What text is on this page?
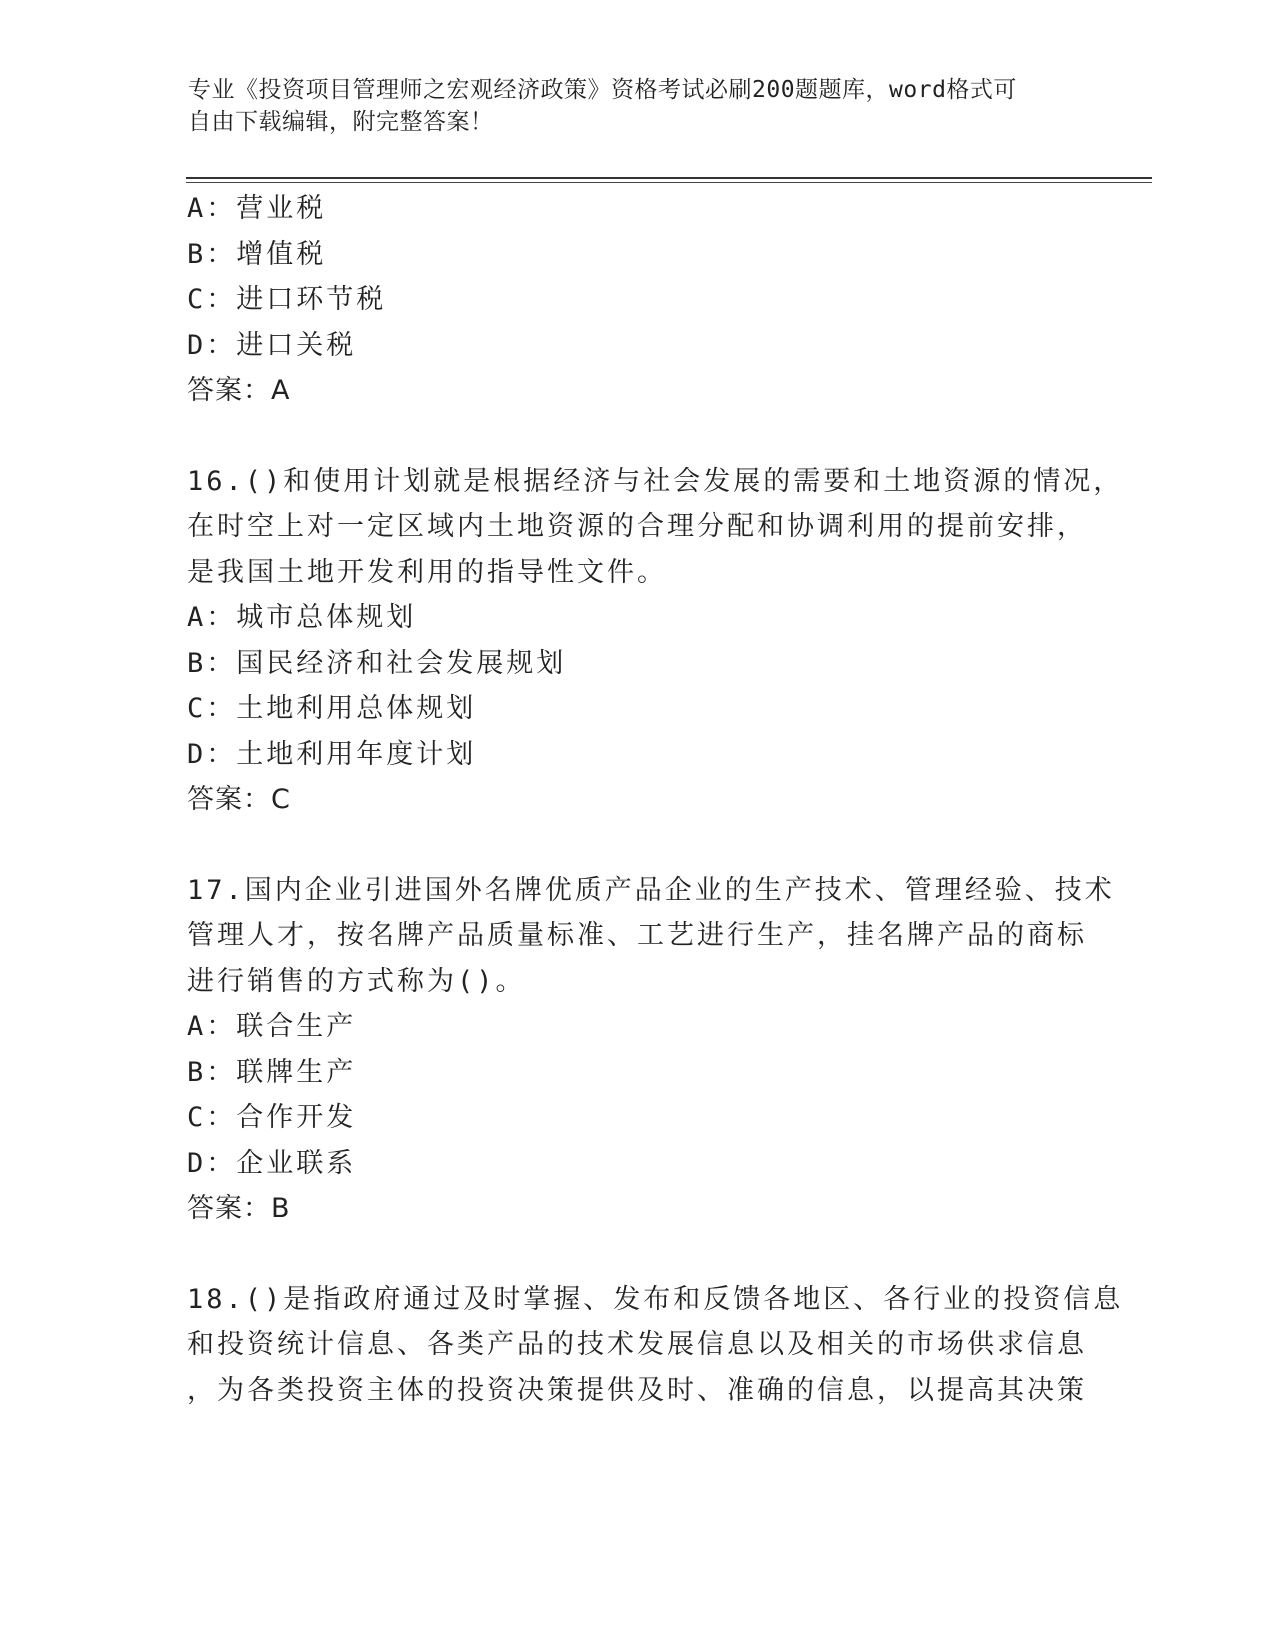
专业《投资项目管理师之宏观经济政策》资格考试必刷200题题库，word格式可
自由下载编辑，附完整答案！
A：营业税
B：增值税
C：进口环节税
D：进口关税
答案：A
16.()和使用计划就是根据经济与社会发展的需要和土地资源的情况，
在时空上对一定区域内土地资源的合理分配和协调利用的提前安排，
是我国土地开发利用的指导性文件。
A：城市总体规划
B：国民经济和社会发展规划
C：土地利用总体规划
D：土地利用年度计划
答案：C
17.国内企业引进国外名牌优质产品企业的生产技术、管理经验、技术
管理人才，按名牌产品质量标准、工艺进行生产，挂名牌产品的商标
进行销售的方式称为()。
A：联合生产
B：联牌生产
C：合作开发
D：企业联系
答案：B
18.()是指政府通过及时掌握、发布和反馈各地区、各行业的投资信息
和投资统计信息、各类产品的技术发展信息以及相关的市场供求信息
，为各类投资主体的投资决策提供及时、准确的信息，以提高其决策
